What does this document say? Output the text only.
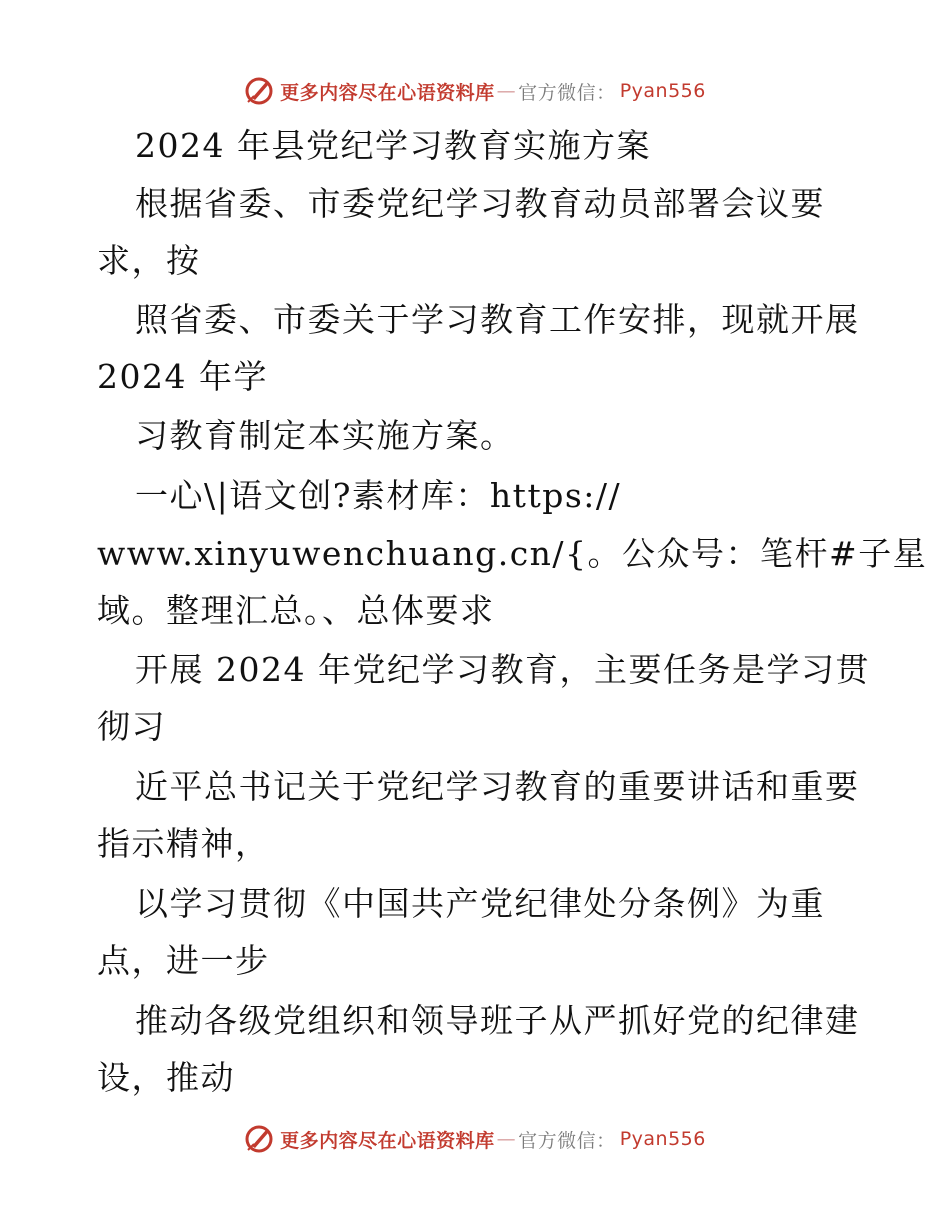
更多内容尽在心语资料库 — 官方微信： Pyan556
2024 年县党纪学习教育实施方案
根据省委、市委党纪学习教育动员部署会议要
求，按
照省委、市委关于学习教育工作安排，现就开展
2024 年学
习教育制定本实施方案。
一心\|语文创?素材库：https://
www.xinyuwenchuang.cn/{。公众号：笔杆#子星
域。整理汇总。、总体要求
开展 2024 年党纪学习教育，主要任务是学习贯
彻习
近平总书记关于党纪学习教育的重要讲话和重要
指示精神，
以学习贯彻《中国共产党纪律处分条例》为重
点，进一步
推动各级党组织和领导班子从严抓好党的纪律建
设，推动
更多内容尽在心语资料库 — 官方微信： Pyan556
